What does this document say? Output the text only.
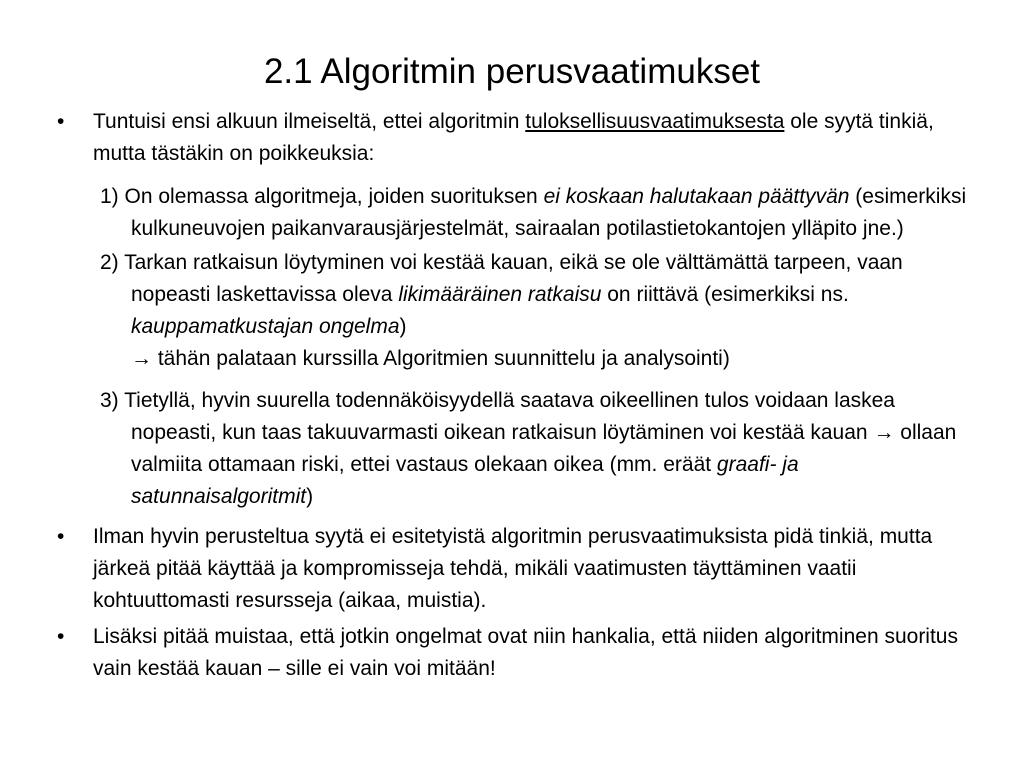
2.1 Algoritmin perusvaatimukset

• Tuntuisi ensi alkuun ilmeiseltä, ettei algoritmin tuloksellisuusvaatimuksesta ole syytä tinkiä, mutta tästäkin on poikkeuksia:

1) On olemassa algoritmeja, joiden suorituksen ei koskaan halutakaan päättyvän (esimerkiksi kulkuneuvojen paikanvarausjärjestelmät, sairaalan potilastietokantojen ylläpito jne.)

2) Tarkan ratkaisun löytyminen voi kestää kauan, eikä se ole välttämättä tarpeen, vaan nopeasti laskettavissa oleva likimääräinen ratkaisu on riittävä (esimerkiksi ns. kauppamatkustajan ongelma)
→ tähän palataan kurssilla Algoritmien suunnittelu ja analysointi)

3) Tietyllä, hyvin suurella todennäköisyydellä saatava oikeellinen tulos voidaan laskea nopeasti, kun taas takuuvarmasti oikean ratkaisun löytäminen voi kestää kauan → ollaan valmiita ottamaan riski, ettei vastaus olekaan oikea (mm. eräät graafi- ja satunnaisalgoritmit)

• Ilman hyvin perusteltua syytä ei esitetyistä algoritmin perusvaatimuksista pidä tinkiä, mutta järkeä pitää käyttää ja kompromisseja tehdä, mikäli vaatimusten täyttäminen vaatii kohtuuttomasti resursseja (aikaa, muistia).

• Lisäksi pitää muistaa, että jotkin ongelmat ovat niin hankalia, että niiden algoritminen suoritus vain kestää kauan – sille ei vain voi mitään!
